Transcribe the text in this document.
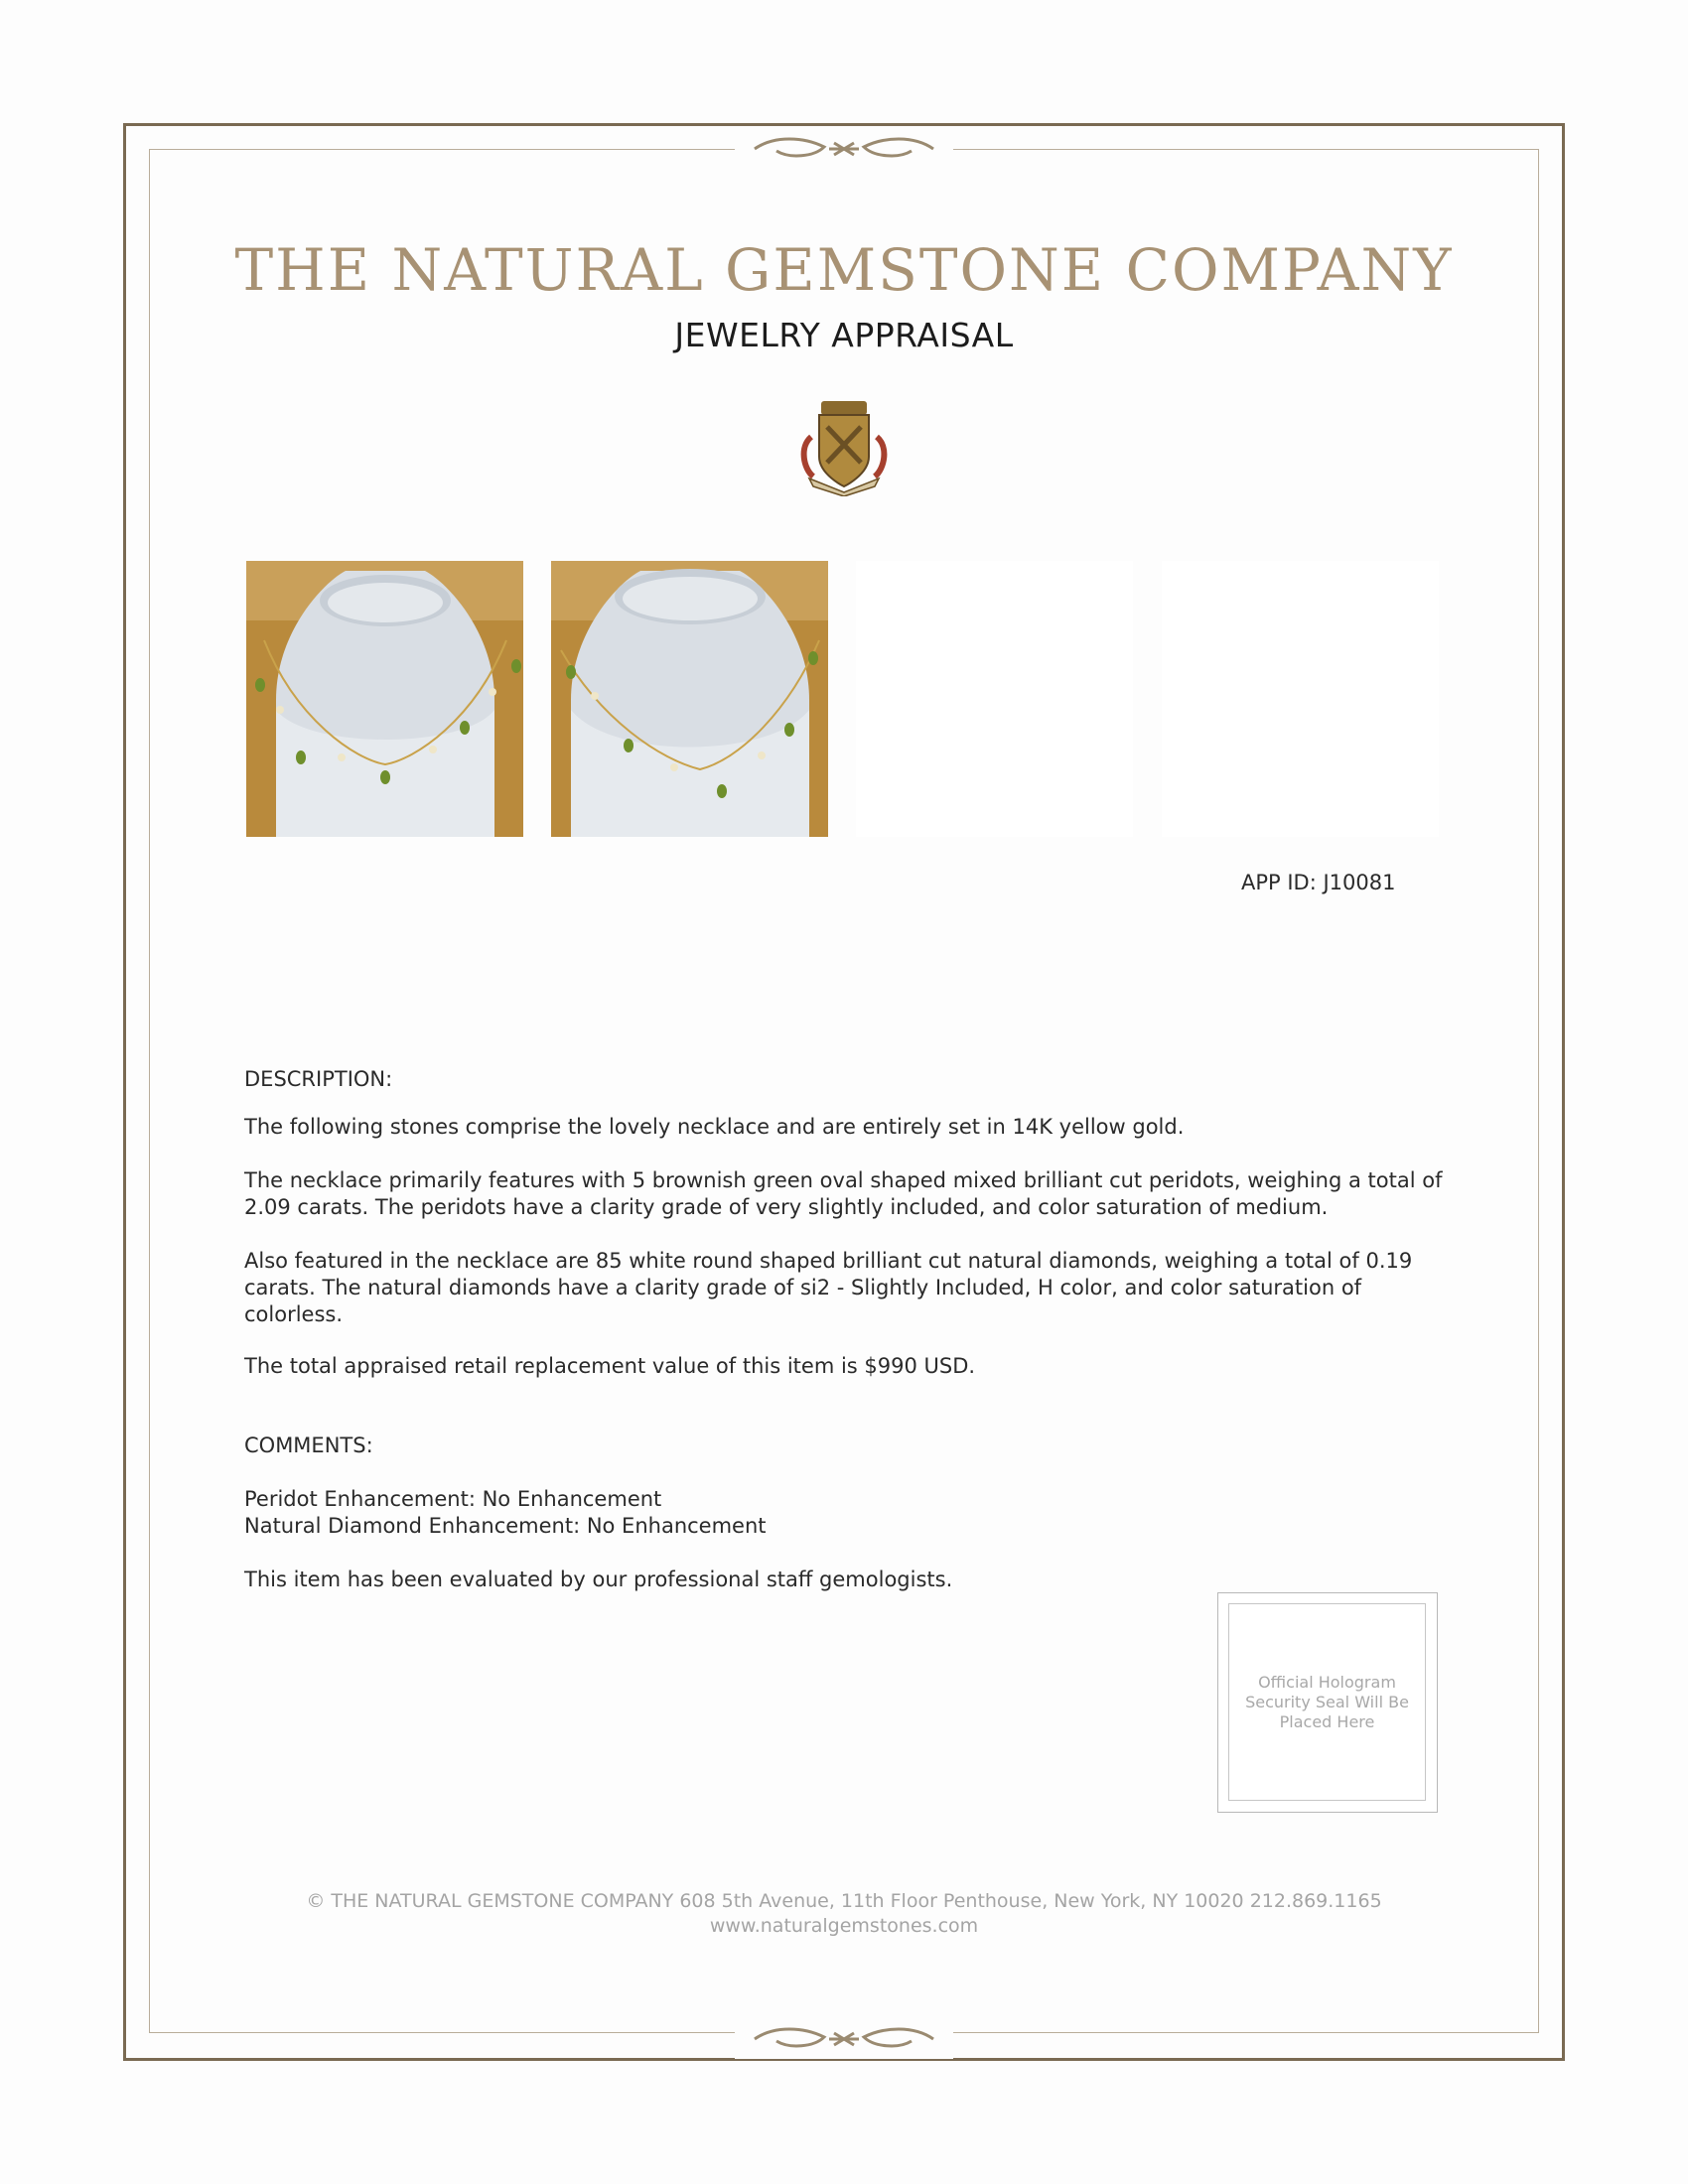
THE NATURAL GEMSTONE COMPANY
JEWELRY APPRAISAL
APP ID: J10081
DESCRIPTION:
The following stones comprise the lovely necklace and are entirely set in 14K yellow gold.
The necklace primarily features with 5 brownish green oval shaped mixed brilliant cut peridots, weighing a total of 2.09 carats. The peridots have a clarity grade of very slightly included, and color saturation of medium.
Also featured in the necklace are 85 white round shaped brilliant cut natural diamonds, weighing a total of 0.19 carats. The natural diamonds have a clarity grade of si2 - Slightly Included, H color, and color saturation of colorless.
The total appraised retail replacement value of this item is $990 USD.
COMMENTS:
Peridot Enhancement: No Enhancement
Natural Diamond Enhancement: No Enhancement
This item has been evaluated by our professional staff gemologists.
Official Hologram Security Seal Will Be Placed Here
© THE NATURAL GEMSTONE COMPANY 608 5th Avenue, 11th Floor Penthouse, New York, NY 10020 212.869.1165
www.naturalgemstones.com
